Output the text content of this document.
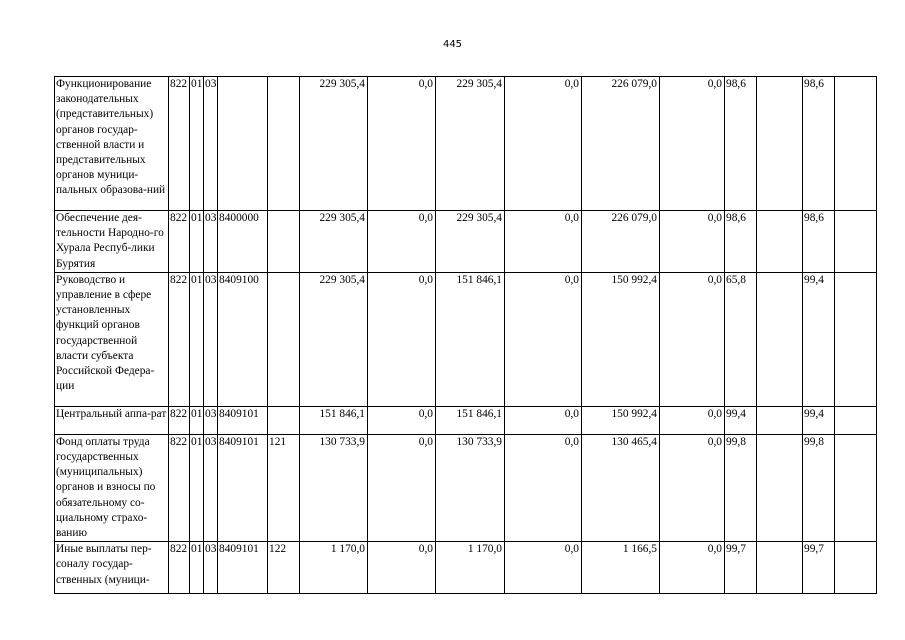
445
Функционирование законодательных (представительных) органов государ-ственной власти и представительных органов муници-пальных образова-ний	822	01	03			229 305,4	0,0	229 305,4	0,0	226 079,0	0,0	98,6		98,6	
Обеспечение дея-тельности Народно-го Хурала Респуб-лики Бурятия	822	01	03	8400000		229 305,4	0,0	229 305,4	0,0	226 079,0	0,0	98,6		98,6	
Руководство и управление в сфере установленных функций органов государственной власти субъекта Российской Федера-ции	822	01	03	8409100		229 305,4	0,0	151 846,1	0,0	150 992,4	0,0	65,8		99,4	
Центральный аппа-рат	822	01	03	8409101		151 846,1	0,0	151 846,1	0,0	150 992,4	0,0	99,4		99,4	
Фонд оплаты труда государственных (муниципальных) органов и взносы по обязательному со-циальному страхо-ванию	822	01	03	8409101	121	130 733,9	0,0	130 733,9	0,0	130 465,4	0,0	99,8		99,8	
Иные выплаты пер-соналу государ-ственных (муници-	822	01	03	8409101	122	1 170,0	0,0	1 170,0	0,0	1 166,5	0,0	99,7		99,7	
